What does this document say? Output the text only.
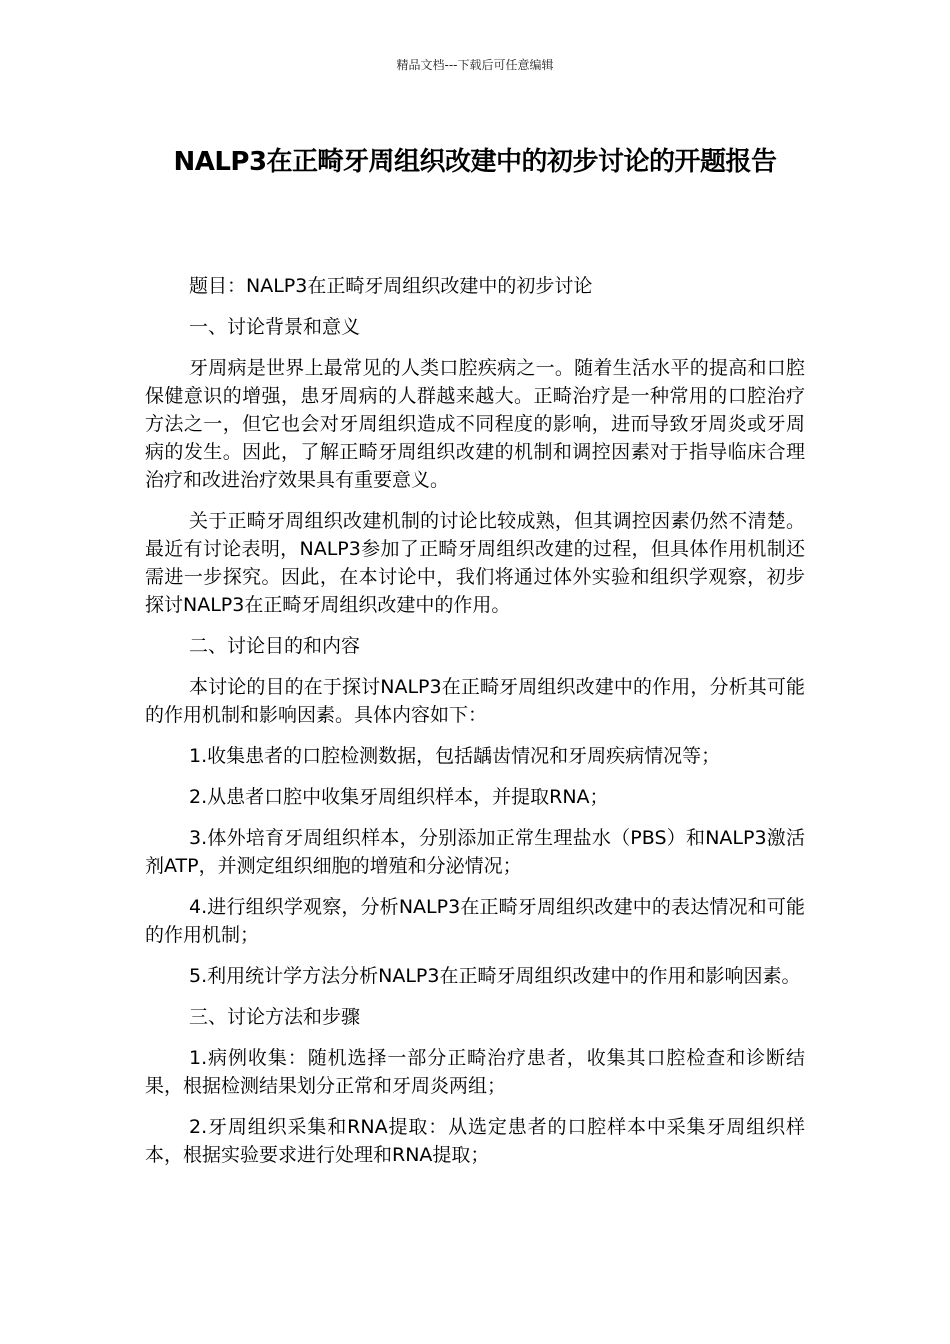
精品文档---下载后可任意编辑
NALP3在正畸牙周组织改建中的初步讨论的开题报告

题目：NALP3在正畸牙周组织改建中的初步讨论

一、讨论背景和意义

牙周病是世界上最常见的人类口腔疾病之一。随着生活水平的提高和口腔保健意识的增强，患牙周病的人群越来越大。正畸治疗是一种常用的口腔治疗方法之一，但它也会对牙周组织造成不同程度的影响，进而导致牙周炎或牙周病的发生。因此，了解正畸牙周组织改建的机制和调控因素对于指导临床合理治疗和改进治疗效果具有重要意义。

关于正畸牙周组织改建机制的讨论比较成熟，但其调控因素仍然不清楚。最近有讨论表明，NALP3参加了正畸牙周组织改建的过程，但具体作用机制还需进一步探究。因此，在本讨论中，我们将通过体外实验和组织学观察，初步探讨NALP3在正畸牙周组织改建中的作用。

二、讨论目的和内容

本讨论的目的在于探讨NALP3在正畸牙周组织改建中的作用，分析其可能的作用机制和影响因素。具体内容如下：

1.收集患者的口腔检测数据，包括龋齿情况和牙周疾病情况等；

2.从患者口腔中收集牙周组织样本，并提取RNA；

3.体外培育牙周组织样本，分别添加正常生理盐水（PBS）和NALP3激活剂ATP，并测定组织细胞的增殖和分泌情况；

4.进行组织学观察，分析NALP3在正畸牙周组织改建中的表达情况和可能的作用机制；

5.利用统计学方法分析NALP3在正畸牙周组织改建中的作用和影响因素。

三、讨论方法和步骤

1.病例收集：随机选择一部分正畸治疗患者，收集其口腔检查和诊断结果，根据检测结果划分正常和牙周炎两组；

2.牙周组织采集和RNA提取：从选定患者的口腔样本中采集牙周组织样本，根据实验要求进行处理和RNA提取；
